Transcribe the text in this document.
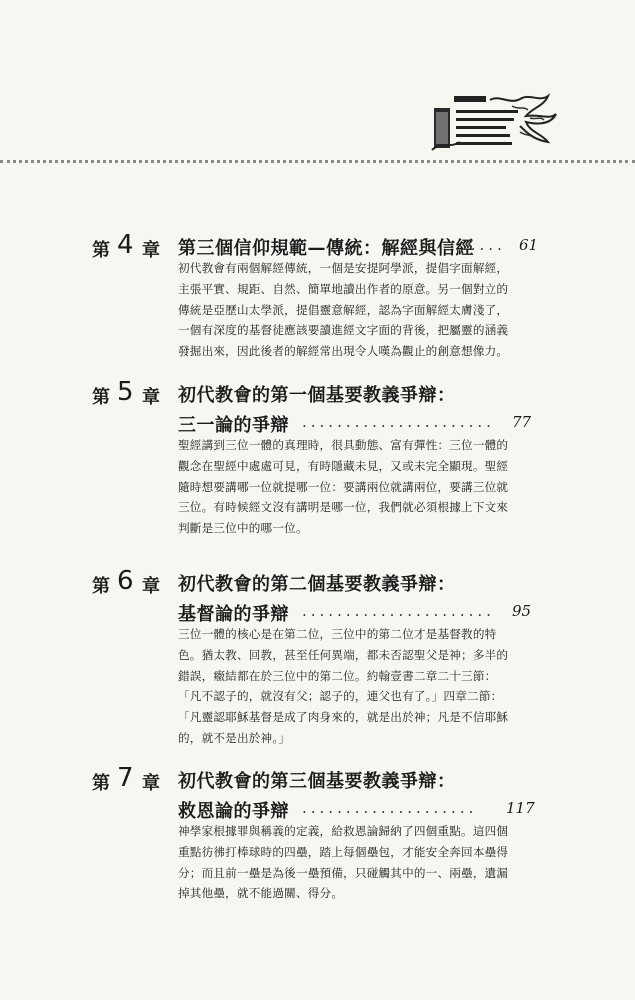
第 4 章 第三個信仰規範—傳統：解經與信經
..... 61
初代教會有兩個解經傳統，一個是安提阿學派，提倡字面解經，
主張平實、規距、自然、簡單地讀出作者的原意。另一個對立的
傳統是亞歷山太學派，提倡靈意解經，認為字面解經太膚淺了，
一個有深度的基督徒應該要讀進經文字面的背後，把屬靈的涵義
發掘出來，因此後者的解經常出現令人嘆為觀止的創意想像力。
第 5 章 初代教會的第一個基要教義爭辯：
三一論的爭辯 ...................... 77
聖經講到三位一體的真理時，很具動態、富有彈性：三位一體的
觀念在聖經中處處可見，有時隱藏未見，又或未完全顯現。聖經
隨時想要講哪一位就提哪一位：要講兩位就講兩位，要講三位就
三位。有時候經文沒有講明是哪一位，我們就必須根據上下文來
判斷是三位中的哪一位。
第 6 章 初代教會的第二個基要教義爭辯：
基督論的爭辯 ...................... 95
三位一體的核心是在第二位，三位中的第二位才是基督教的特
色。猶太教、回教，甚至任何異端，都未否認聖父是神；多半的
錯誤，癥結都在於三位中的第二位。約翰壹書二章二十三節：
「凡不認子的，就沒有父；認子的，連父也有了。」四章二節：
「凡靈認耶穌基督是成了肉身來的，就是出於神；凡是不信耶穌
的，就不是出於神。」
第 7 章 初代教會的第三個基要教義爭辯：
救恩論的爭辯 .................... 117
神學家根據罪與稱義的定義，給救恩論歸納了四個重點。這四個
重點彷彿打棒球時的四壘，踏上每個壘包，才能安全奔回本壘得
分；而且前一壘是為後一壘預備，只碰觸其中的一、兩壘，遺漏
掉其他壘，就不能過關、得分。
